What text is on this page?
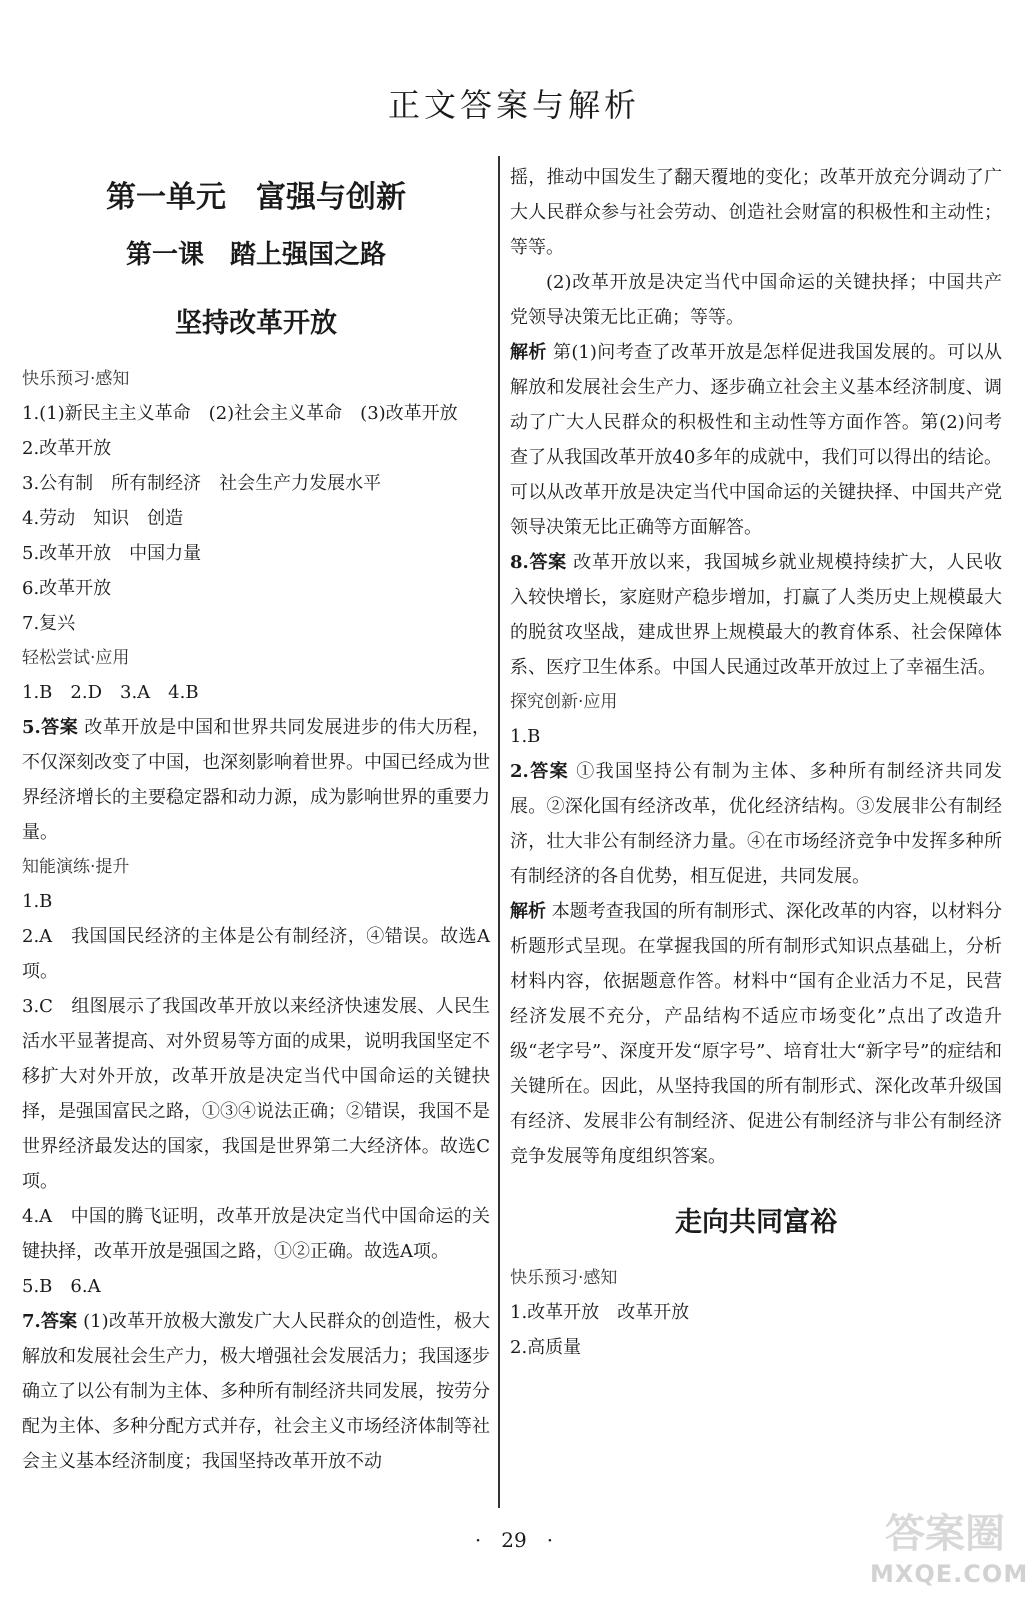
正文答案与解析
第一单元　富强与创新
第一课　踏上强国之路
坚持改革开放
快乐预习·感知
1.(1)新民主主义革命　(2)社会主义革命　(3)改革开放
2.改革开放
3.公有制　所有制经济　社会生产力发展水平
4.劳动　知识　创造
5.改革开放　中国力量
6.改革开放
7.复兴
轻松尝试·应用
1.B　2.D　3.A　4.B
5.答案 改革开放是中国和世界共同发展进步的伟大历程，不仅深刻改变了中国，也深刻影响着世界。中国已经成为世界经济增长的主要稳定器和动力源，成为影响世界的重要力量。
知能演练·提升
1.B
2.A　我国国民经济的主体是公有制经济，④错误。故选A项。
3.C　组图展示了我国改革开放以来经济快速发展、人民生活水平显著提高、对外贸易等方面的成果，说明我国坚定不移扩大对外开放，改革开放是决定当代中国命运的关键抉择，是强国富民之路，①③④说法正确；②错误，我国不是世界经济最发达的国家，我国是世界第二大经济体。故选C项。
4.A　中国的腾飞证明，改革开放是决定当代中国命运的关键抉择，改革开放是强国之路，①②正确。故选A项。
5.B　6.A
7.答案 (1)改革开放极大激发广大人民群众的创造性，极大解放和发展社会生产力，极大增强社会发展活力；我国逐步确立了以公有制为主体、多种所有制经济共同发展，按劳分配为主体、多种分配方式并存，社会主义市场经济体制等社会主义基本经济制度；我国坚持改革开放不动
摇，推动中国发生了翻天覆地的变化；改革开放充分调动了广大人民群众参与社会劳动、创造社会财富的积极性和主动性；等等。
(2)改革开放是决定当代中国命运的关键抉择；中国共产党领导决策无比正确；等等。
解析 第(1)问考查了改革开放是怎样促进我国发展的。可以从解放和发展社会生产力、逐步确立社会主义基本经济制度、调动了广大人民群众的积极性和主动性等方面作答。第(2)问考查了从我国改革开放40多年的成就中，我们可以得出的结论。可以从改革开放是决定当代中国命运的关键抉择、中国共产党领导决策无比正确等方面解答。
8.答案 改革开放以来，我国城乡就业规模持续扩大，人民收入较快增长，家庭财产稳步增加，打赢了人类历史上规模最大的脱贫攻坚战，建成世界上规模最大的教育体系、社会保障体系、医疗卫生体系。中国人民通过改革开放过上了幸福生活。
探究创新·应用
1.B
2.答案 ①我国坚持公有制为主体、多种所有制经济共同发展。②深化国有经济改革，优化经济结构。③发展非公有制经济，壮大非公有制经济力量。④在市场经济竞争中发挥多种所有制经济的各自优势，相互促进，共同发展。
解析 本题考查我国的所有制形式、深化改革的内容，以材料分析题形式呈现。在掌握我国的所有制形式知识点基础上，分析材料内容，依据题意作答。材料中“国有企业活力不足，民营经济发展不充分，产品结构不适应市场变化”点出了改造升级“老字号”、深度开发“原字号”、培育壮大“新字号”的症结和关键所在。因此，从坚持我国的所有制形式、深化改革升级国有经济、发展非公有制经济、促进公有制经济与非公有制经济竞争发展等角度组织答案。
走向共同富裕
快乐预习·感知
1.改革开放　改革开放
2.高质量
·　29　·	答案圈
MXQE.COM
